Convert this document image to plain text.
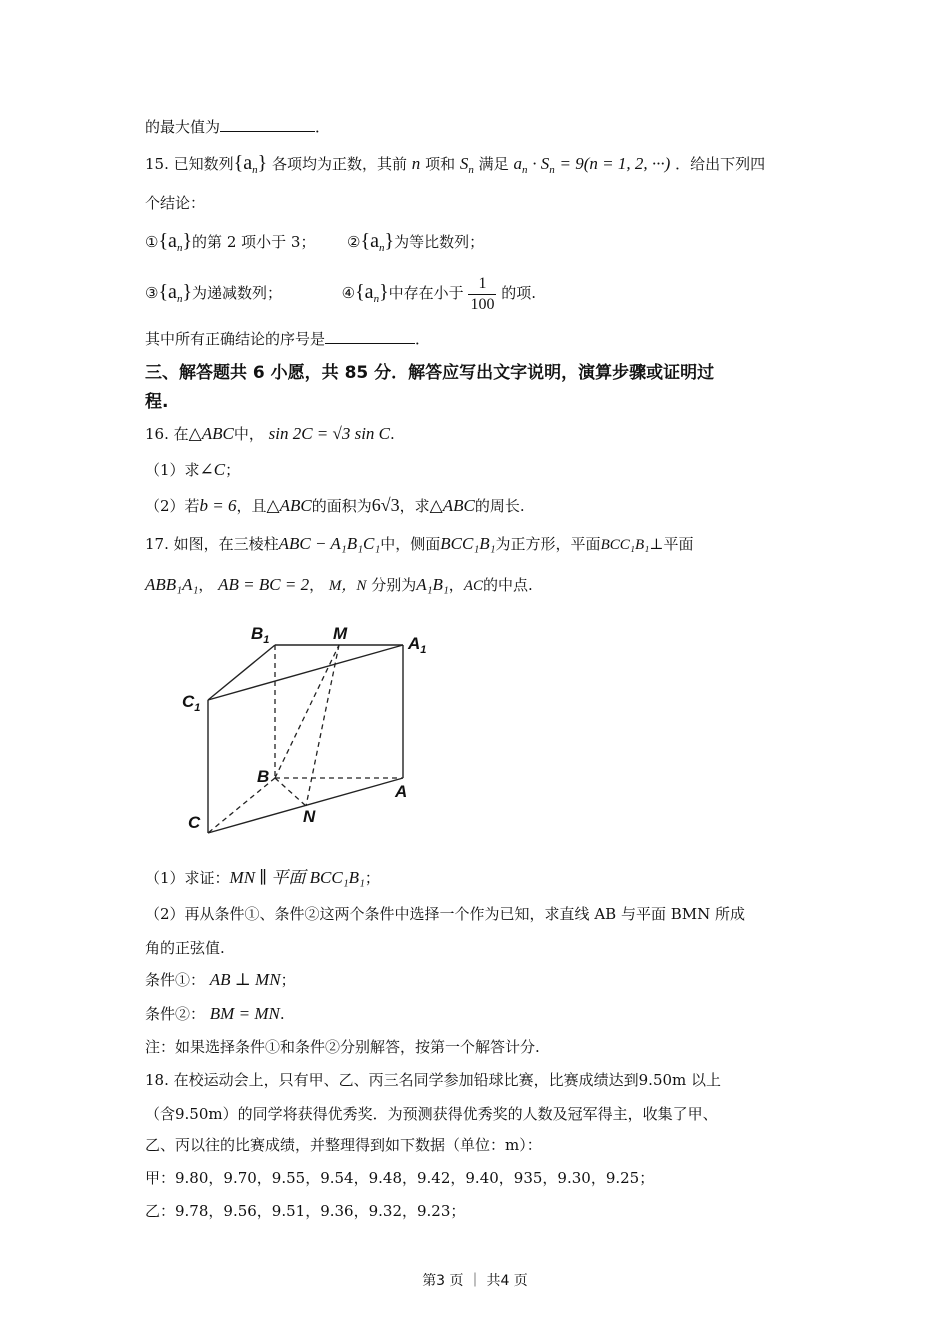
的最大值为	．
15. 已知数列$\{a_n\}$ 各项均为正数，其前 n 项和 $S_n$ 满足 $a_n \cdot S_n = 9(n = 1$, 2, ···) ．给出下列四
个结论：
$①\{a_n\}$的第 2 项小于 3； $②\{a_n\}$为等比数列；
$③\{a_n\}$为递减数列；	$④\{a_n\}$中存在小于 $\frac{1}{100}$ 的项.
其中所有正确结论的序号是	．
三、解答题共 6 小愿，共 85 分．解答应写出文字说明，演算步骤或证明过
程.
16. 在△ABC中， sin 2C = √3 sin C.
（1）求∠C；
（2）若b = 6，且△ABC的面积为6√3，求△ABC的周长.
17. 如图，在三棱柱ABC − A₁B₁C₁中，侧面BCC₁B₁为正方形，平面BCC₁B₁⊥平面
ABB₁A₁， AB = BC = 2， M，N 分别为A₁B₁，AC的中点.
$B_1$	M
$A_1$
$C_1$
B
A
C	N
（1）求证：MN ∥ 平面 BCC₁B₁；
（2）再从条件①、条件②这两个条件中选择一个作为已知，求直线 AB 与平面 BMN 所成
角的正弦值.
条件①： AB ⊥ MN；
条件②： BM = MN.
注：如果选择条件①和条件②分别解答，按第一个解答计分.
18. 在校运动会上，只有甲、乙、丙三名同学参加铅球比赛，比赛成绩达到9.50m 以上
（含9.50m）的同学将获得优秀奖．为预测获得优秀奖的人数及冠军得主，收集了甲、
乙、丙以往的比赛成绩，并整理得到如下数据（单位：m）：
甲：9.80，9.70，9.55，9.54，9.48，9.42，9.40，935，9.30，9.25；
乙：9.78，9.56，9.51，9.36，9.32，9.23；
第3 页 ｜ 共4 页
